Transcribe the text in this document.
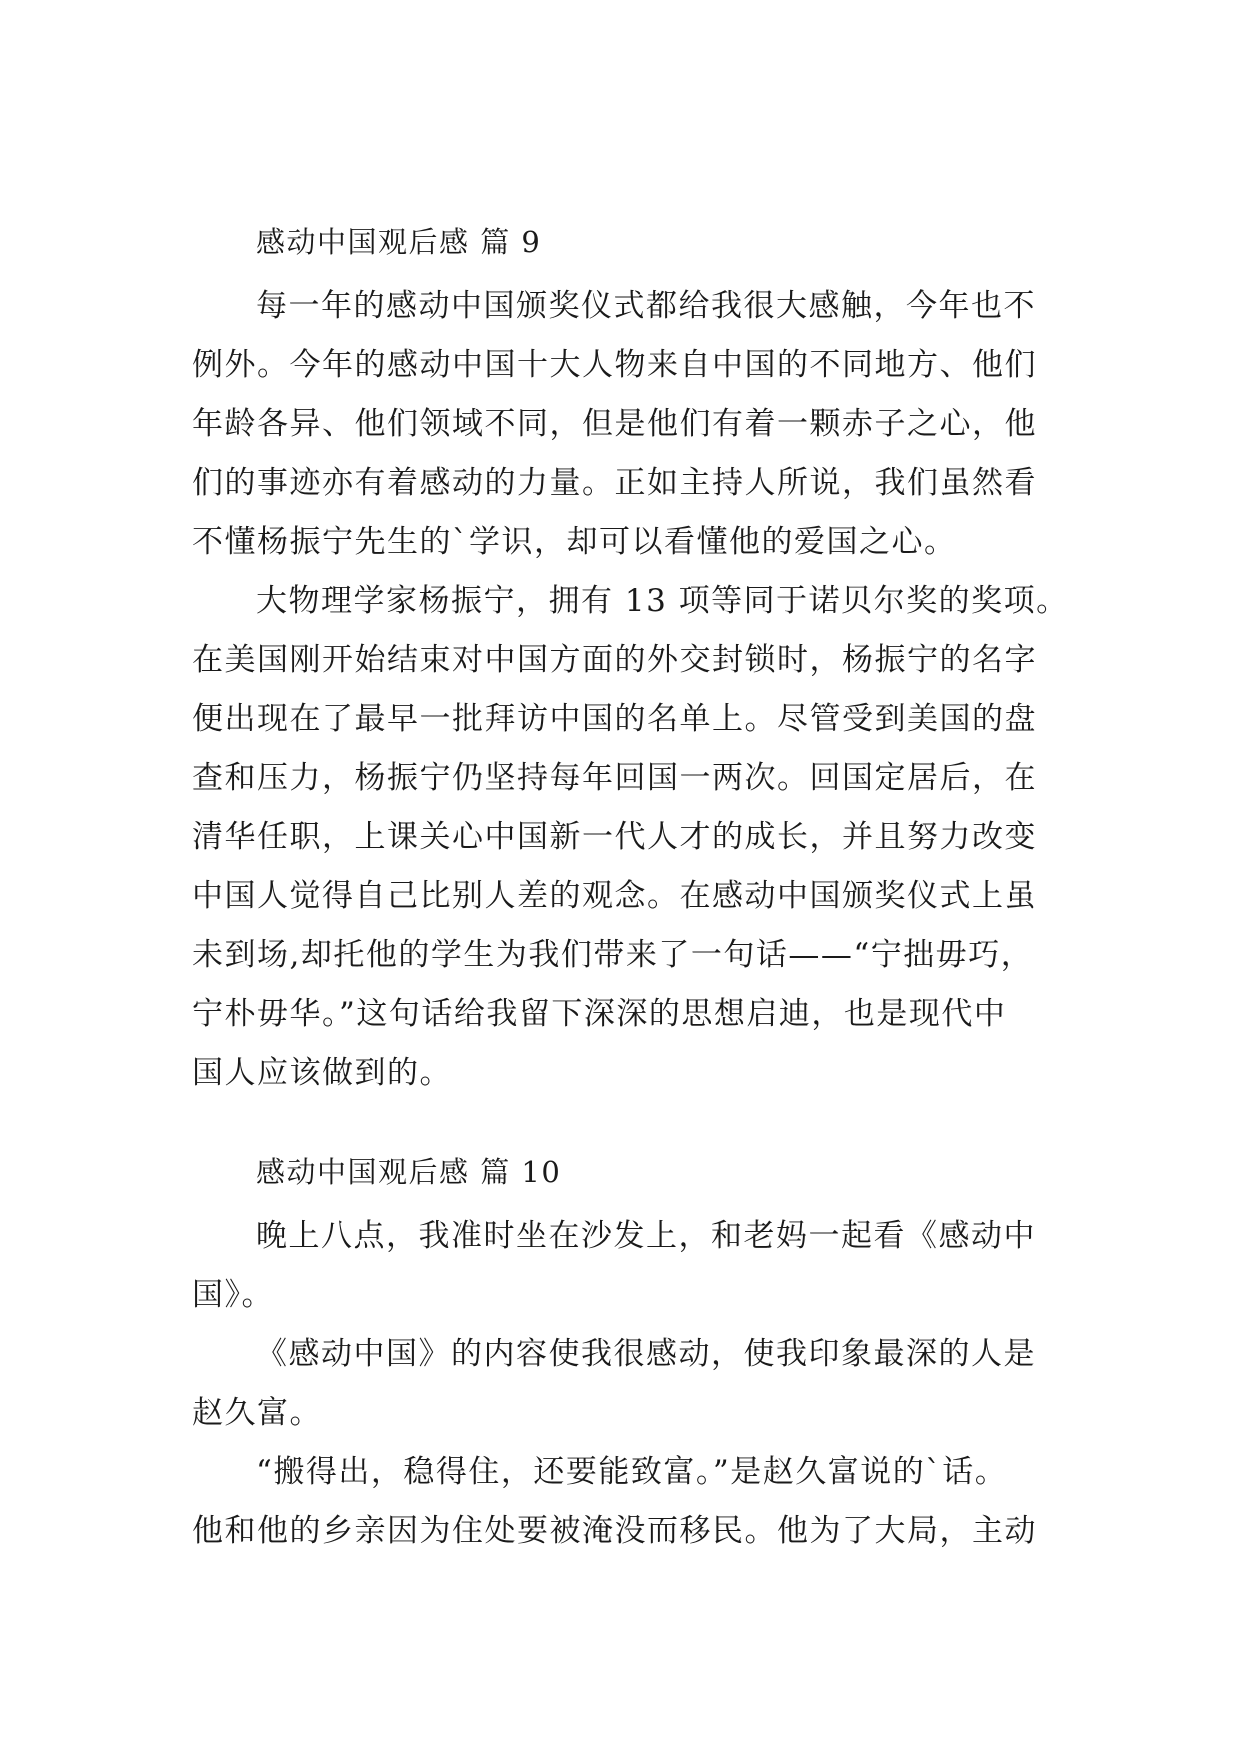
感动中国观后感 篇 9
每一年的感动中国颁奖仪式都给我很大感触，今年也不
例外。今年的感动中国十大人物来自中国的不同地方、他们
年龄各异、他们领域不同，但是他们有着一颗赤子之心，他
们的事迹亦有着感动的力量。正如主持人所说，我们虽然看
不懂杨振宁先生的`学识，却可以看懂他的爱国之心。
大物理学家杨振宁，拥有 13 项等同于诺贝尔奖的奖项。
在美国刚开始结束对中国方面的外交封锁时，杨振宁的名字
便出现在了最早一批拜访中国的名单上。尽管受到美国的盘
查和压力，杨振宁仍坚持每年回国一两次。回国定居后，在
清华任职，上课关心中国新一代人才的成长，并且努力改变
中国人觉得自己比别人差的观念。在感动中国颁奖仪式上虽
未到场,却托他的学生为我们带来了一句话——“宁拙毋巧，
宁朴毋华。”这句话给我留下深深的思想启迪，也是现代中
国人应该做到的。
感动中国观后感 篇 10
晚上八点，我准时坐在沙发上，和老妈一起看《感动中
国》。
《感动中国》的内容使我很感动，使我印象最深的人是
赵久富。
“搬得出，稳得住，还要能致富。”是赵久富说的`话。
他和他的乡亲因为住处要被淹没而移民。他为了大局，主动
